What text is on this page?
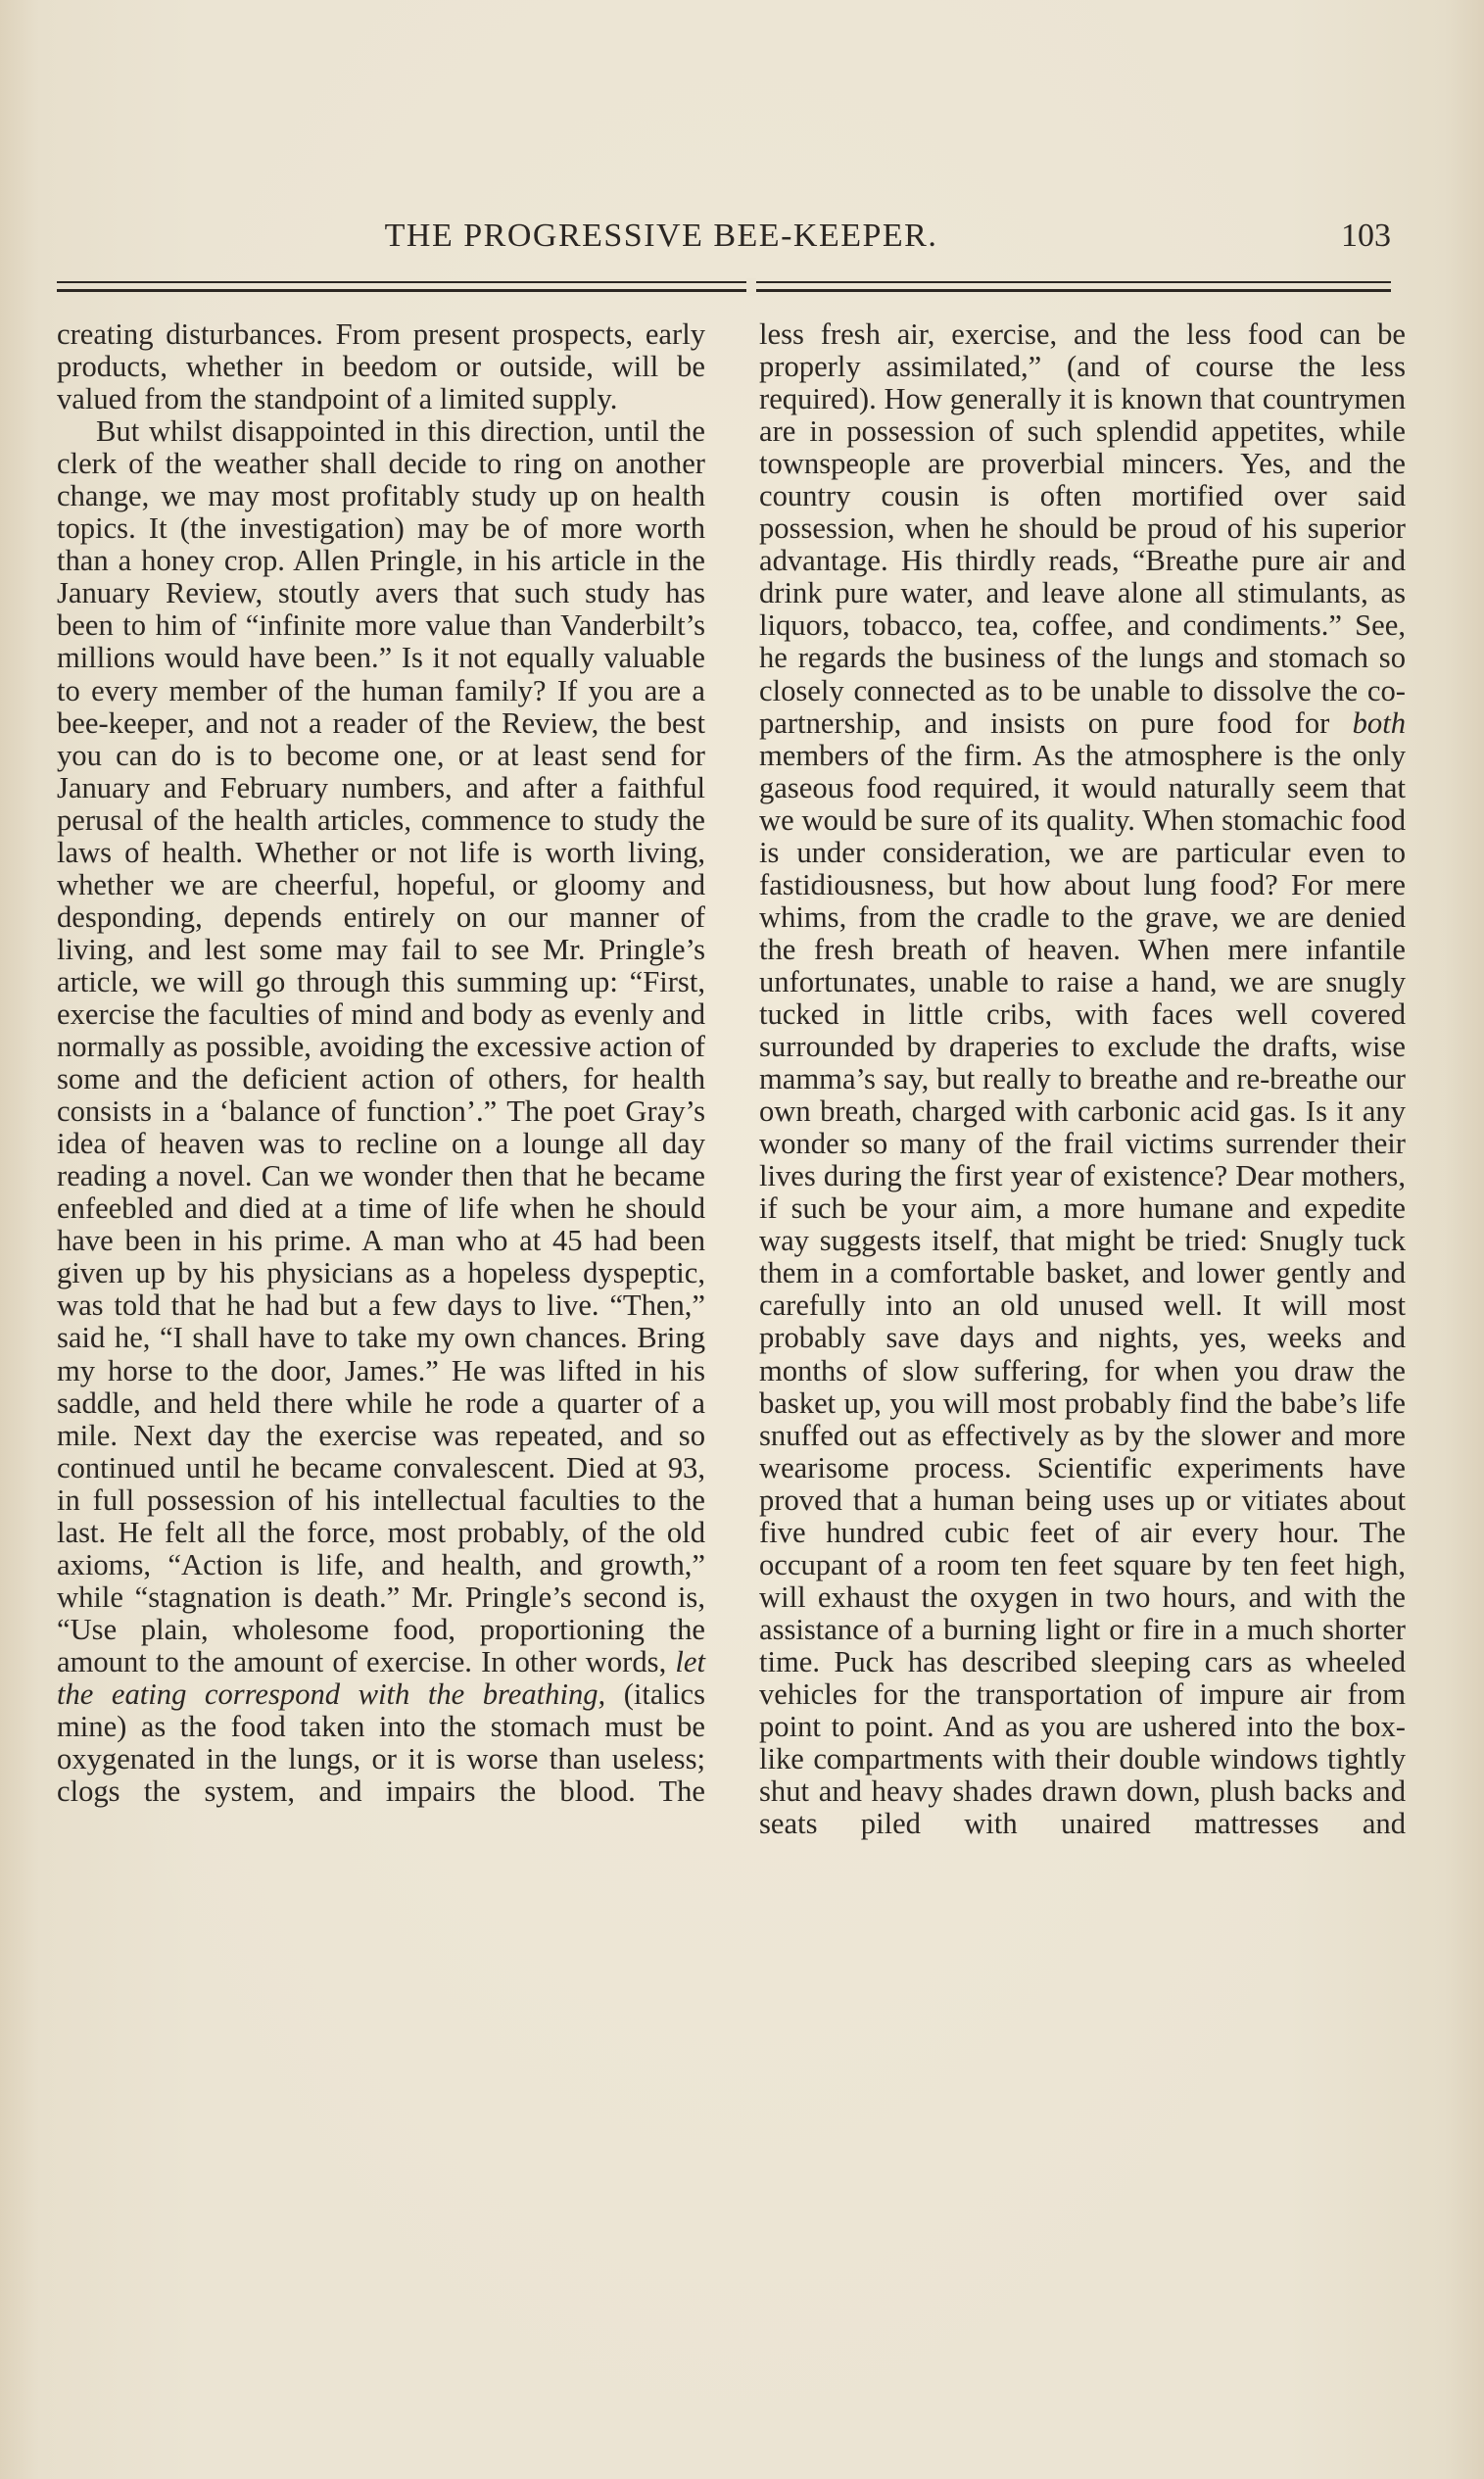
THE PROGRESSIVE BEE-KEEPER.	103

creating disturbances. From present prospects, early products, whether in beedom or outside, will be valued from the standpoint of a limited supply.

But whilst disappointed in this direction, until the clerk of the weather shall decide to ring on another change, we may most profitably study up on health topics. It (the investigation) may be of more worth than a honey crop. Allen Pringle, in his article in the January Review, stoutly avers that such study has been to him of “infinite more value than Vanderbilt’s millions would have been.” Is it not equally valuable to every member of the human family? If you are a bee-keeper, and not a reader of the Review, the best you can do is to become one, or at least send for January and February numbers, and after a faithful perusal of the health articles, commence to study the laws of health. Whether or not life is worth living, whether we are cheerful, hopeful, or gloomy and desponding, depends entirely on our manner of living, and lest some may fail to see Mr. Pringle’s article, we will go through this summing up: “First, exercise the faculties of mind and body as evenly and normally as possible, avoiding the excessive action of some and the deficient action of others, for health consists in a ‘balance of function’.” The poet Gray’s idea of heaven was to recline on a lounge all day reading a novel. Can we wonder then that he became enfeebled and died at a time of life when he should have been in his prime. A man who at 45 had been given up by his physicians as a hopeless dyspeptic, was told that he had but a few days to live. “Then,” said he, “I shall have to take my own chances. Bring my horse to the door, James.” He was lifted in his saddle, and held there while he rode a quarter of a mile. Next day the exercise was repeated, and so continued until he became convalescent. Died at 93, in full possession of his intellectual faculties to the last. He felt all the force, most probably, of the old axioms, “Action is life, and health, and growth,” while “stagnation is death.” Mr. Pringle’s second is, “Use plain, wholesome food, proportioning the amount to the amount of exercise. In other words, let the eating correspond with the breathing, (italics mine) as the food taken into the stomach must be oxygenated in the lungs, or it is worse than useless; clogs the system, and impairs the blood. The

less fresh air, exercise, and the less food can be properly assimilated,” (and of course the less required). How generally it is known that countrymen are in possession of such splendid appetites, while townspeople are proverbial mincers. Yes, and the country cousin is often mortified over said possession, when he should be proud of his superior advantage. His thirdly reads, “Breathe pure air and drink pure water, and leave alone all stimulants, as liquors, tobacco, tea, coffee, and condiments.” See, he regards the business of the lungs and stomach so closely connected as to be unable to dissolve the co-partnership, and insists on pure food for both members of the firm. As the atmosphere is the only gaseous food required, it would naturally seem that we would be sure of its quality. When stomachic food is under consideration, we are particular even to fastidiousness, but how about lung food? For mere whims, from the cradle to the grave, we are denied the fresh breath of heaven. When mere infantile unfortunates, unable to raise a hand, we are snugly tucked in little cribs, with faces well covered surrounded by draperies to exclude the drafts, wise mamma’s say, but really to breathe and re-breathe our own breath, charged with carbonic acid gas. Is it any wonder so many of the frail victims surrender their lives during the first year of existence? Dear mothers, if such be your aim, a more humane and expedite way suggests itself, that might be tried: Snugly tuck them in a comfortable basket, and lower gently and carefully into an old unused well. It will most probably save days and nights, yes, weeks and months of slow suffering, for when you draw the basket up, you will most probably find the babe’s life snuffed out as effectively as by the slower and more wearisome process. Scientific experiments have proved that a human being uses up or vitiates about five hundred cubic feet of air every hour. The occupant of a room ten feet square by ten feet high, will exhaust the oxygen in two hours, and with the assistance of a burning light or fire in a much shorter time. Puck has described sleeping cars as wheeled vehicles for the transportation of impure air from point to point. And as you are ushered into the box-like compartments with their double windows tightly shut and heavy shades drawn down, plush backs and seats piled with unaired mattresses and
